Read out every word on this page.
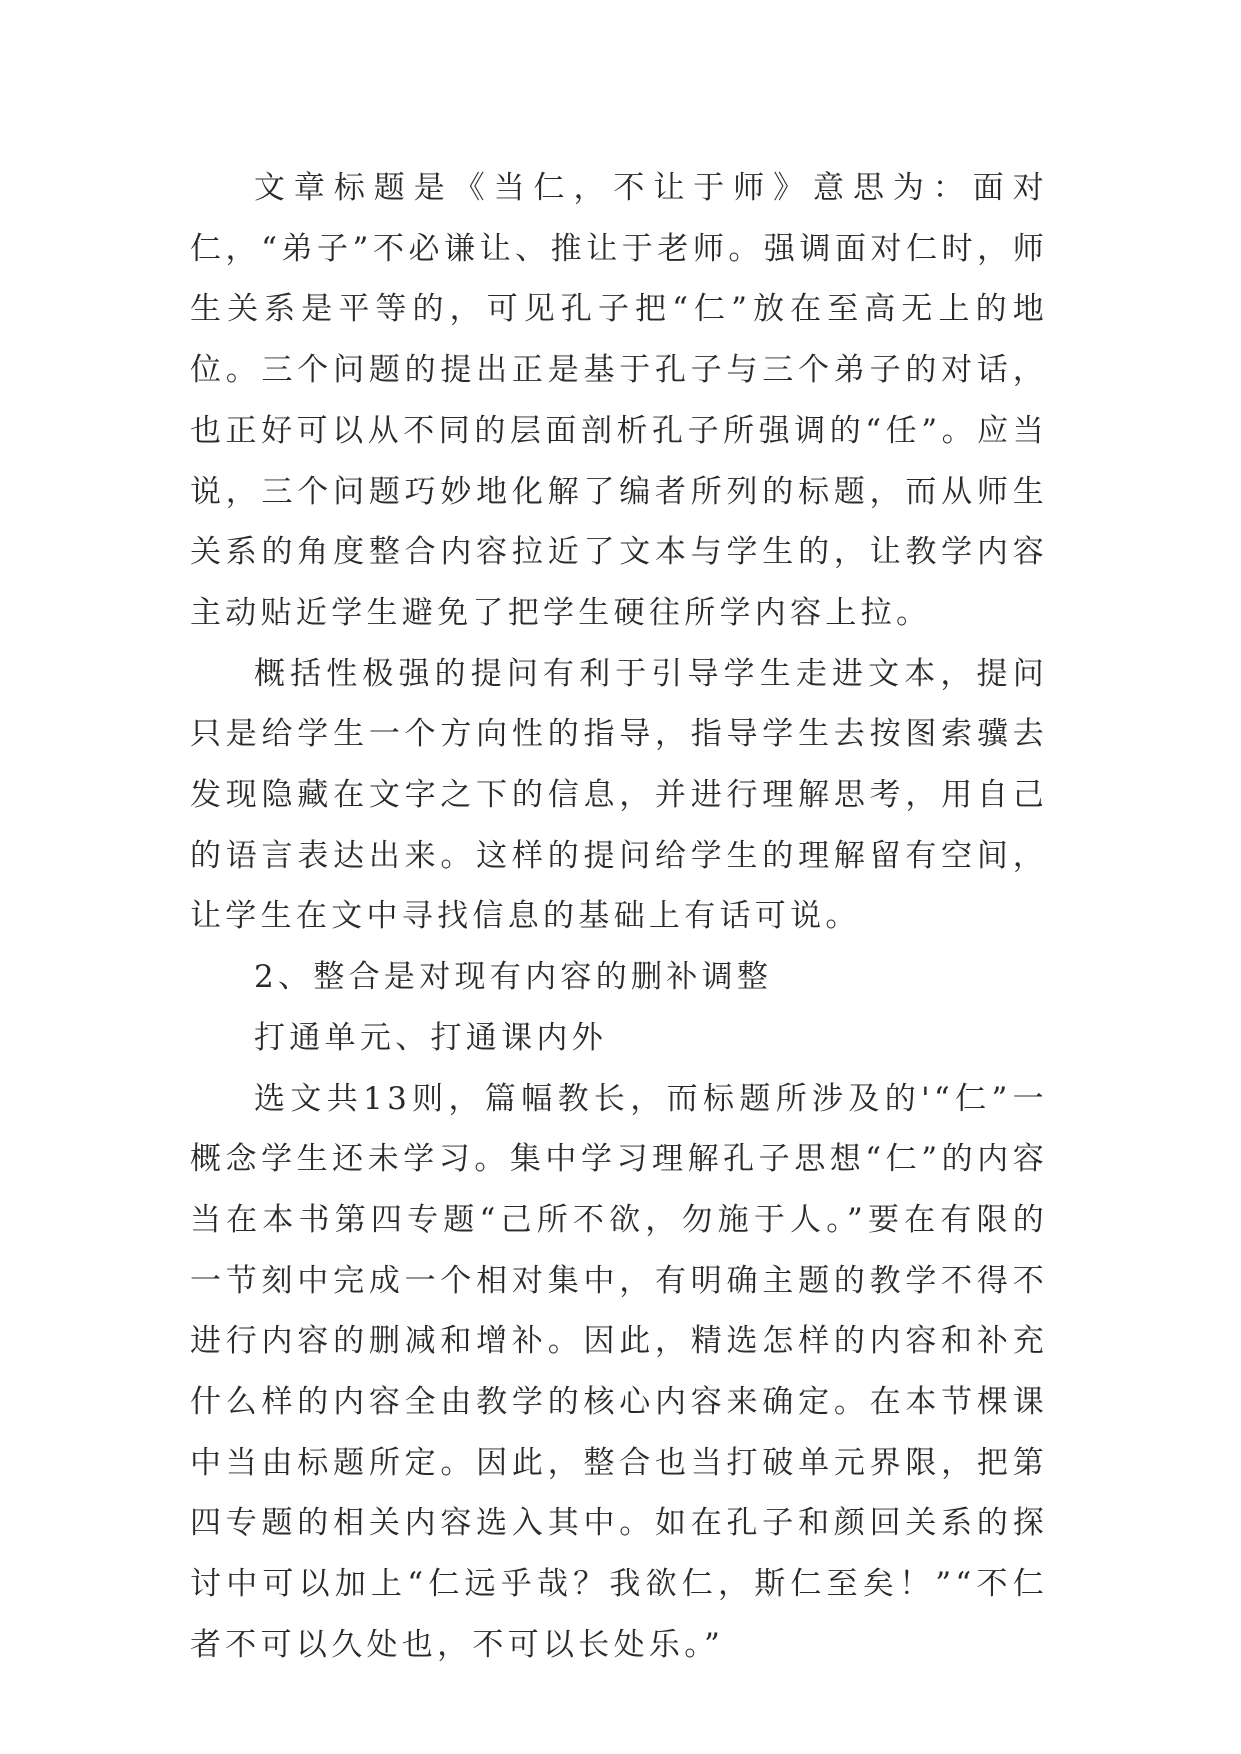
文章标题是《当仁，不让于师》意思为：面对仁，“弟子”不必谦让、推让于老师。强调面对仁时，师生关系是平等的，可见孔子把“仁”放在至高无上的地位。三个问题的提出正是基于孔子与三个弟子的对话，也正好可以从不同的层面剖析孔子所强调的“任”。应当说，三个问题巧妙地化解了编者所列的标题，而从师生关系的角度整合内容拉近了文本与学生的，让教学内容主动贴近学生避免了把学生硬往所学内容上拉。

概括性极强的提问有利于引导学生走进文本，提问只是给学生一个方向性的指导，指导学生去按图索骥去发现隐藏在文字之下的信息，并进行理解思考，用自己的语言表达出来。这样的提问给学生的理解留有空间，让学生在文中寻找信息的基础上有话可说。

2、整合是对现有内容的删补调整

打通单元、打通课内外

选文共13则，篇幅教长，而标题所涉及的'“仁”一概念学生还未学习。集中学习理解孔子思想“仁”的内容当在本书第四专题“己所不欲，勿施于人。”要在有限的一节刻中完成一个相对集中，有明确主题的教学不得不进行内容的删减和增补。因此，精选怎样的内容和补充什么样的内容全由教学的核心内容来确定。在本节棵课中当由标题所定。因此，整合也当打破单元界限，把第四专题的相关内容选入其中。如在孔子和颜回关系的探讨中可以加上“仁远乎哉？我欲仁，斯仁至矣！”“不仁者不可以久处也，不可以长处乐。”
